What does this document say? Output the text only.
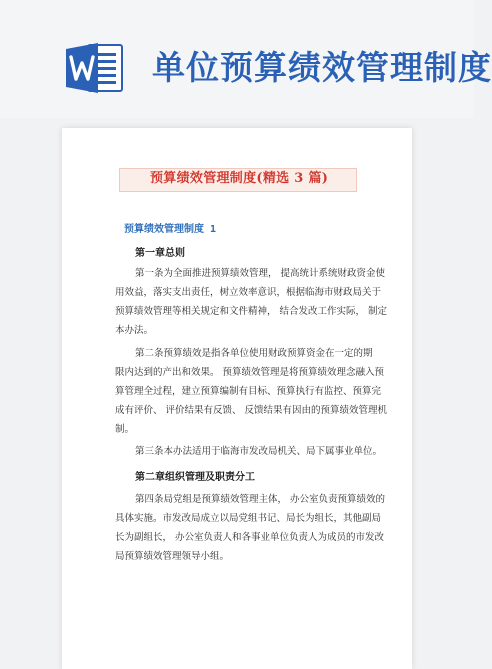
单位预算绩效管理制度
预算绩效管理制度(精选 3 篇)
预算绩效管理制度 1
第一章总则
第一条为全面推进预算绩效管理， 提高统计系统财政资金使
用效益，落实支出责任，树立效率意识，根据临海市财政局关于
预算绩效管理等相关规定和文件精神， 结合发改工作实际， 制定
本办法。
第二条预算绩效是指各单位使用财政预算资金在一定的期
限内达到的产出和效果。 预算绩效管理是将预算绩效理念融入预
算管理全过程，建立预算编制有目标、预算执行有监控、预算完
成有评价、 评价结果有反馈、 反馈结果有因由的预算绩效管理机
制。
第三条本办法适用于临海市发改局机关、局下属事业单位。
第二章组织管理及职责分工
第四条局党组是预算绩效管理主体， 办公室负责预算绩效的
具体实施。市发改局成立以局党组书记、局长为组长，其他副局
长为副组长， 办公室负责人和各事业单位负责人为成员的市发改
局预算绩效管理领导小组。
